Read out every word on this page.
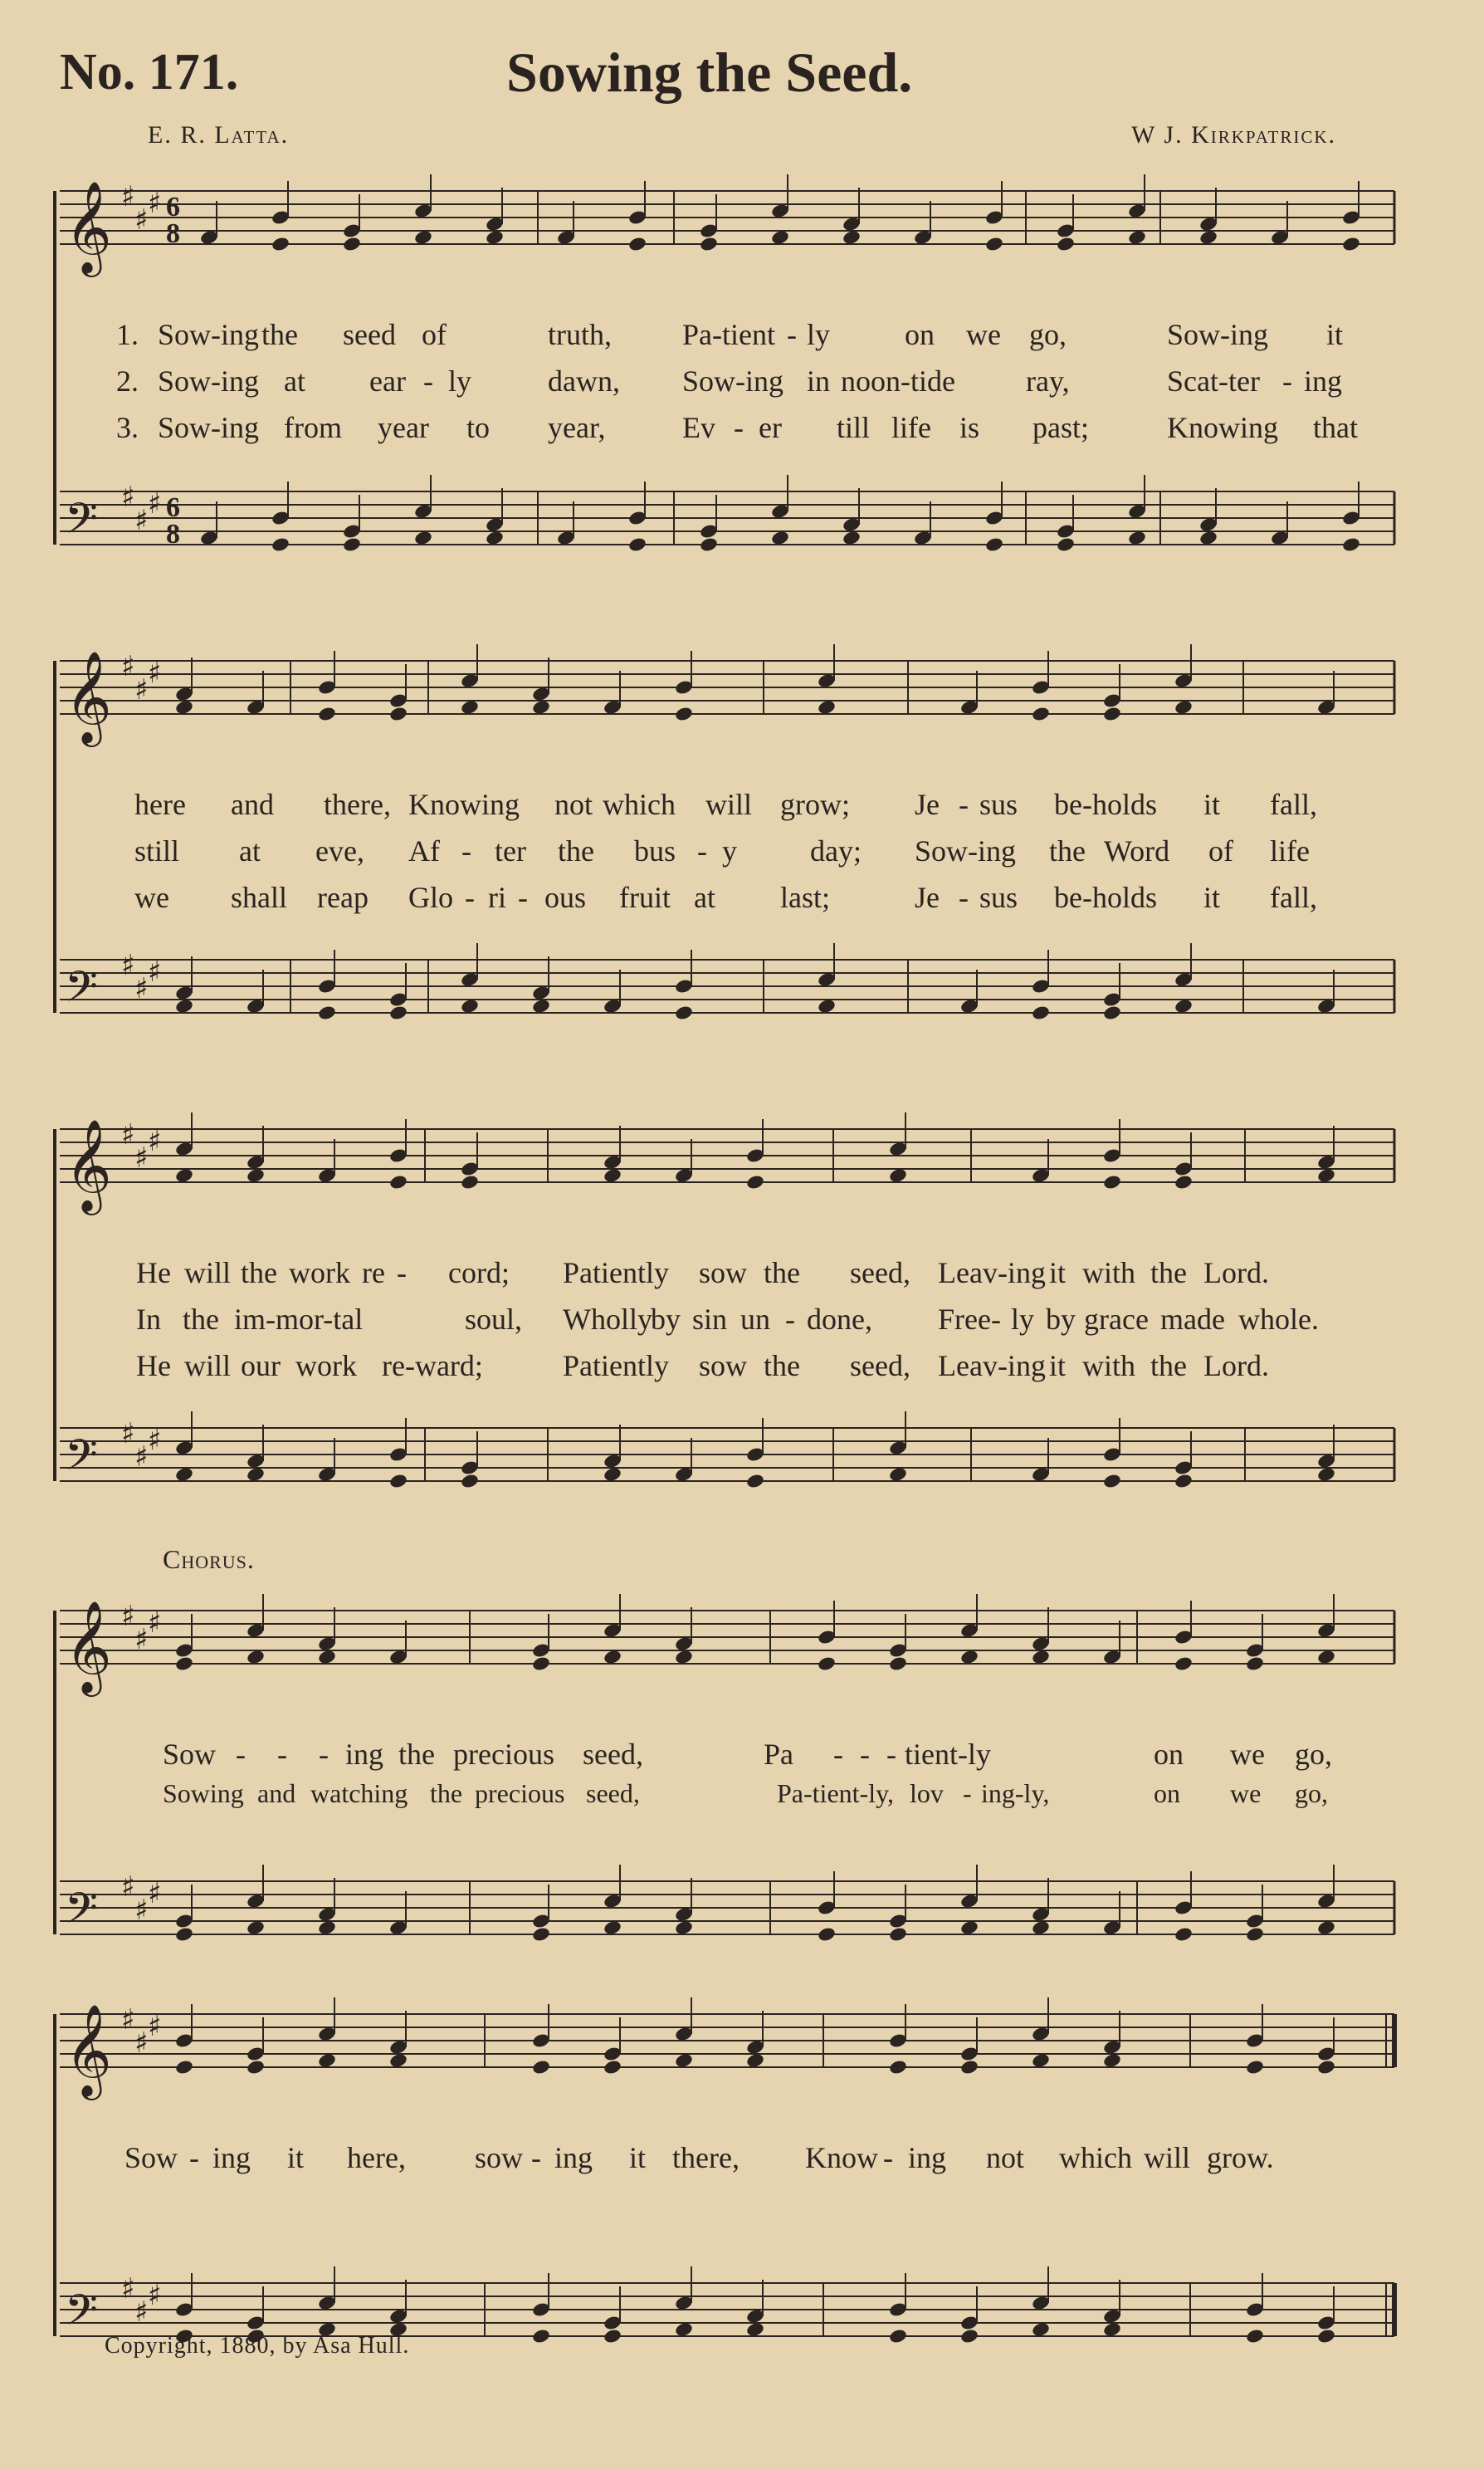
No. 171.	Sowing the Seed.
E. R. Latta.	W J. Kirkpatrick.
𝄞 ♯
♯ ♯
𝄢 ♯
♯ ♯
6
8
6
8
𝄞 ♯
♯ ♯
𝄢 ♯
♯ ♯
𝄞 ♯
♯ ♯
𝄢 ♯
♯ ♯
𝄞 ♯
♯ ♯
𝄢 ♯
♯ ♯
𝄞 ♯
♯ ♯
𝄢 ♯
♯ ♯
1. Sow-ing the seed of	truth, Pa-tient - ly on we go,	Sow-ing it
2. Sow-ing at ear - ly	dawn, Sow-ing in noon-tide ray,	Scat-ter - ing
3. Sow-ing from year to year,	Ev - er till life is past;	Knowing that
here and there, Knowing not which will grow; Je - sus be-holds it fall,
still at eve, Af - ter the bus - y day; Sow-ing the Word of life
we shall reap Glo - ri - ous fruit at last;	Je - sus be-holds it fall,
He will the work re - cord; Patiently sow the seed, Leav-ing it with the Lord.
In the im-mor-tal	soul, Wholly
by sin un - done, Free - ly by grace made whole.
He will our work re-ward;	Patiently sow the seed, Leav-ing it with the Lord.
Chorus.
Sow - - - ing the precious seed,	Pa - - - tient-ly	on we go,
Sowing and watching the precious seed,	Pa-tient-ly, lov - ing-ly,	on we go,
Sow - ing it here, sow - ing it there, Know - ing not which will grow.
Copyright, 1880, by Asa Hull.
